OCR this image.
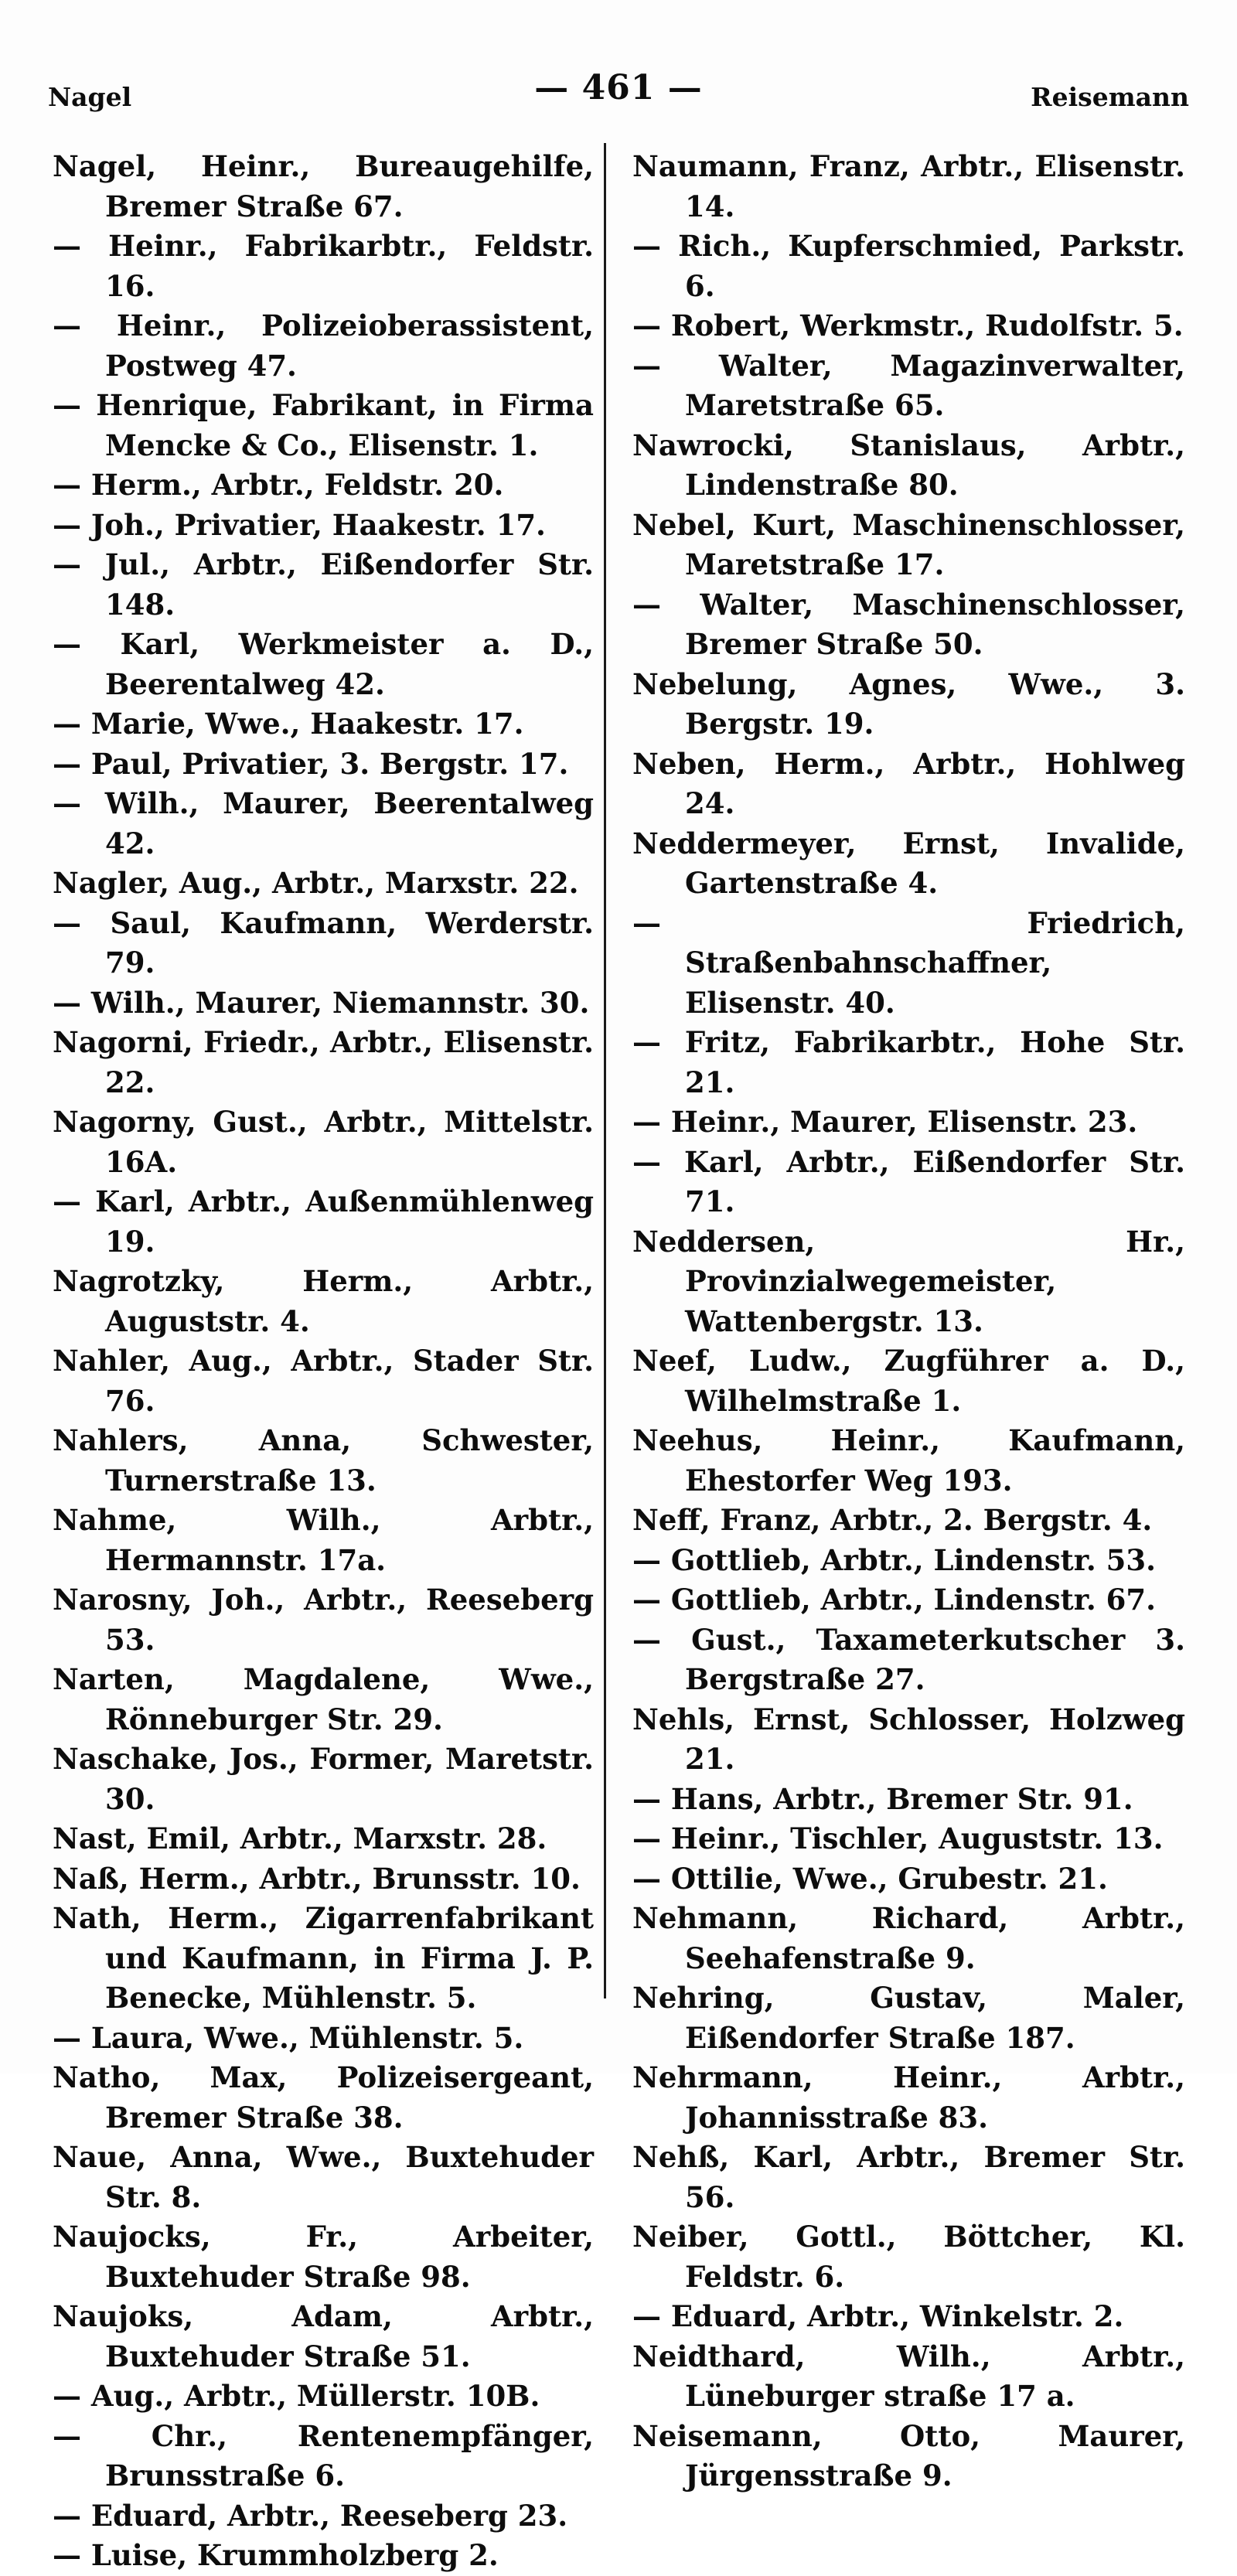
Nagel	— 461 —	Reisemann

Nagel, Heinr., Bureaugehilfe, Bremer Straße 67.

— Heinr., Fabrikarbtr., Feldstr. 16.

— Heinr., Polizeioberassistent, Postweg 47.

— Henrique, Fabrikant, in Firma Mencke & Co., Elisenstr. 1.

— Herm., Arbtr., Feldstr. 20.

— Joh., Privatier, Haakestr. 17.

— Jul., Arbtr., Eißendorfer Str. 148.

— Karl, Werkmeister a. D., Beerentalweg 42.

— Marie, Wwe., Haakestr. 17.

— Paul, Privatier, 3. Bergstr. 17.

— Wilh., Maurer, Beerentalweg 42.

Nagler, Aug., Arbtr., Marxstr. 22.

— Saul, Kaufmann, Werderstr. 79.

— Wilh., Maurer, Niemannstr. 30.

Nagorni, Friedr., Arbtr., Elisenstr. 22.

Nagorny, Gust., Arbtr., Mittelstr. 16A.

— Karl, Arbtr., Außenmühlenweg 19.

Nagrotzky, Herm., Arbtr., Auguststr. 4.

Nahler, Aug., Arbtr., Stader Str. 76.

Nahlers, Anna, Schwester, Turnerstraße 13.

Nahme, Wilh., Arbtr., Hermannstr. 17a.

Narosny, Joh., Arbtr., Reeseberg 53.

Narten, Magdalene, Wwe., Rönneburger Str. 29.

Naschake, Jos., Former, Maretstr. 30.

Nast, Emil, Arbtr., Marxstr. 28.

Naß, Herm., Arbtr., Brunsstr. 10.

Nath, Herm., Zigarrenfabrikant und Kaufmann, in Firma J. P. Benecke, Mühlenstr. 5.

— Laura, Wwe., Mühlenstr. 5.

Natho, Max, Polizeisergeant, Bremer Straße 38.

Naue, Anna, Wwe., Buxtehuder Str. 8.

Naujocks, Fr., Arbeiter, Buxtehuder Straße 98.

Naujoks, Adam, Arbtr., Buxtehuder Straße 51.

— Aug., Arbtr., Müllerstr. 10B.

— Chr., Rentenempfänger, Brunsstraße 6.

— Eduard, Arbtr., Reeseberg 23.

— Luise, Krummholzberg 2.

Naumann, Franz, Arbtr., Elisenstr. 14.

— Rich., Kupferschmied, Parkstr. 6.

— Robert, Werkmstr., Rudolfstr. 5.

— Walter, Magazinverwalter, Maretstraße 65.

Nawrocki, Stanislaus, Arbtr., Lindenstraße 80.

Nebel, Kurt, Maschinenschlosser, Maretstraße 17.

— Walter, Maschinenschlosser, Bremer Straße 50.

Nebelung, Agnes, Wwe., 3. Bergstr. 19.

Neben, Herm., Arbtr., Hohlweg 24.

Neddermeyer, Ernst, Invalide, Gartenstraße 4.

— Friedrich, Straßenbahnschaffner, Elisenstr. 40.

— Fritz, Fabrikarbtr., Hohe Str. 21.

— Heinr., Maurer, Elisenstr. 23.

— Karl, Arbtr., Eißendorfer Str. 71.

Neddersen, Hr., Provinzialwegemeister, Wattenbergstr. 13.

Neef, Ludw., Zugführer a. D., Wilhelmstraße 1.

Neehus, Heinr., Kaufmann, Ehestorfer Weg 193.

Neff, Franz, Arbtr., 2. Bergstr. 4.

— Gottlieb, Arbtr., Lindenstr. 53.

— Gottlieb, Arbtr., Lindenstr. 67.

— Gust., Taxameterkutscher 3. Bergstraße 27.

Nehls, Ernst, Schlosser, Holzweg 21.

— Hans, Arbtr., Bremer Str. 91.

— Heinr., Tischler, Auguststr. 13.

— Ottilie, Wwe., Grubestr. 21.

Nehmann, Richard, Arbtr., Seehafenstraße 9.

Nehring, Gustav, Maler, Eißendorfer Straße 187.

Nehrmann, Heinr., Arbtr., Johannisstraße 83.

Nehß, Karl, Arbtr., Bremer Str. 56.

Neiber, Gottl., Böttcher, Kl. Feldstr. 6.

— Eduard, Arbtr., Winkelstr. 2.

Neidthard, Wilh., Arbtr., Lüneburger straße 17 a.

Neisemann, Otto, Maurer, Jürgensstraße 9.
